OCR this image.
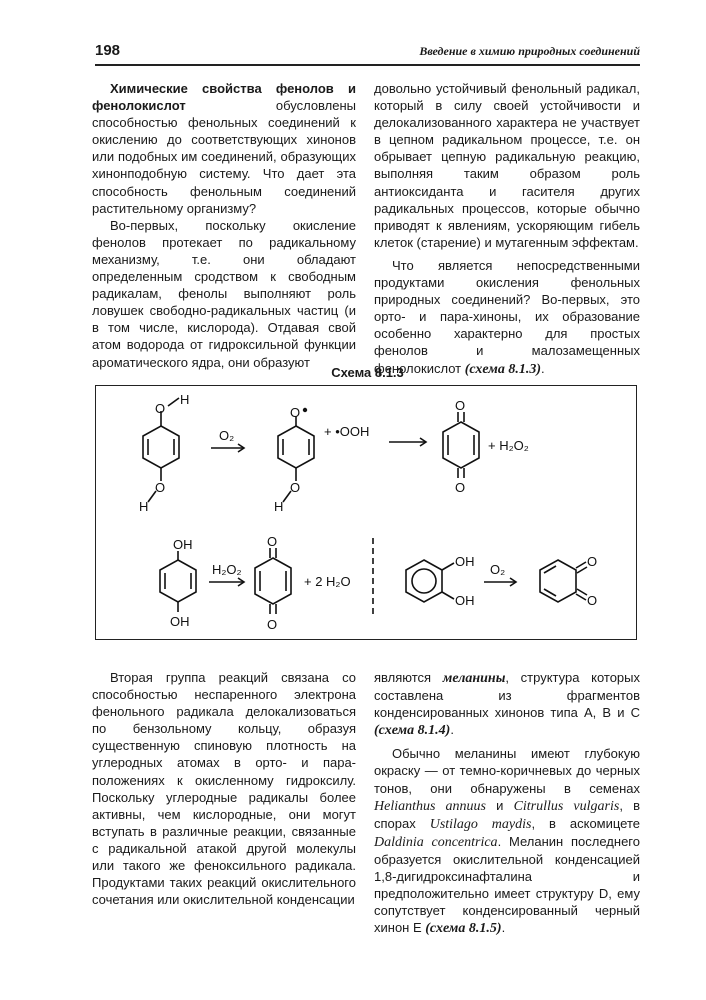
198	Введение в химию природных соединений

Химические свойства фенолов и фенолокислот обусловлены способностью фенольных соединений к окислению до соответствующих хинонов или подобных им соединений, образующих хинонподобную систему. Что дает эта способность фенольным соединений растительному организму?

Во-первых, поскольку окисление фенолов протекает по радикальному механизму, т.е. они обладают определенным сродством к свободным радикалам, фенолы выполняют роль ловушек свободно-радикальных частиц (и в том числе, кислорода). Отдавая свой атом водорода от гидроксильной функции ароматического ядра, они образуют

довольно устойчивый фенольный радикал, который в силу своей устойчивости и делокализованного характера не участвует в цепном радикальном процессе, т.е. он обрывает цепную радикальную реакцию, выполняя таким образом роль антиоксиданта и гасителя других радикальных процессов, которые обычно приводят к явлениям, ускоряющим гибель клеток (старение) и мутагенным эффектам.

Что является непосредственными продуктами окисления фенольных природных соединений? Во-первых, это орто- и пара-хиноны, их образование особенно характерно для простых фенолов и малозамещенных фенолокислот (схема 8.1.3).

Схема 8.1.3
O
H
O
H
O₂
O
O
H
+ •OOH
O
O
+ H₂O₂
OH
OH
H₂O₂
O
O
+ 2 H₂O
OH
OH
O₂
O
O

Вторая группа реакций связана со способностью неспаренного электрона фенольного радикала делокализоваться по бензольному кольцу, образуя существенную спиновую плотность на углеродных атомах в орто- и пара-положениях к окисленному гидроксилу. Поскольку углеродные радикалы более активны, чем кислородные, они могут вступать в различные реакции, связанные с радикальной атакой другой молекулы или такого же феноксильного радикала. Продуктами таких реакций окислительного сочетания или окислительной конденсации

являются меланины, структура которых составлена из фрагментов конденсированных хинонов типа А, В и С (схема 8.1.4).

Обычно меланины имеют глубокую окраску — от темно-коричневых до черных тонов, они обнаружены в семенах Helianthus annuus и Citrullus vulgaris, в спорах Ustilago maydis, в аскомицете Daldinia concentrica. Меланин последнего образуется окислительной конденсацией 1,8-дигидроксинафталина и предположительно имеет структуру D, ему сопутствует конденсированный черный хинон Е (схема 8.1.5).
